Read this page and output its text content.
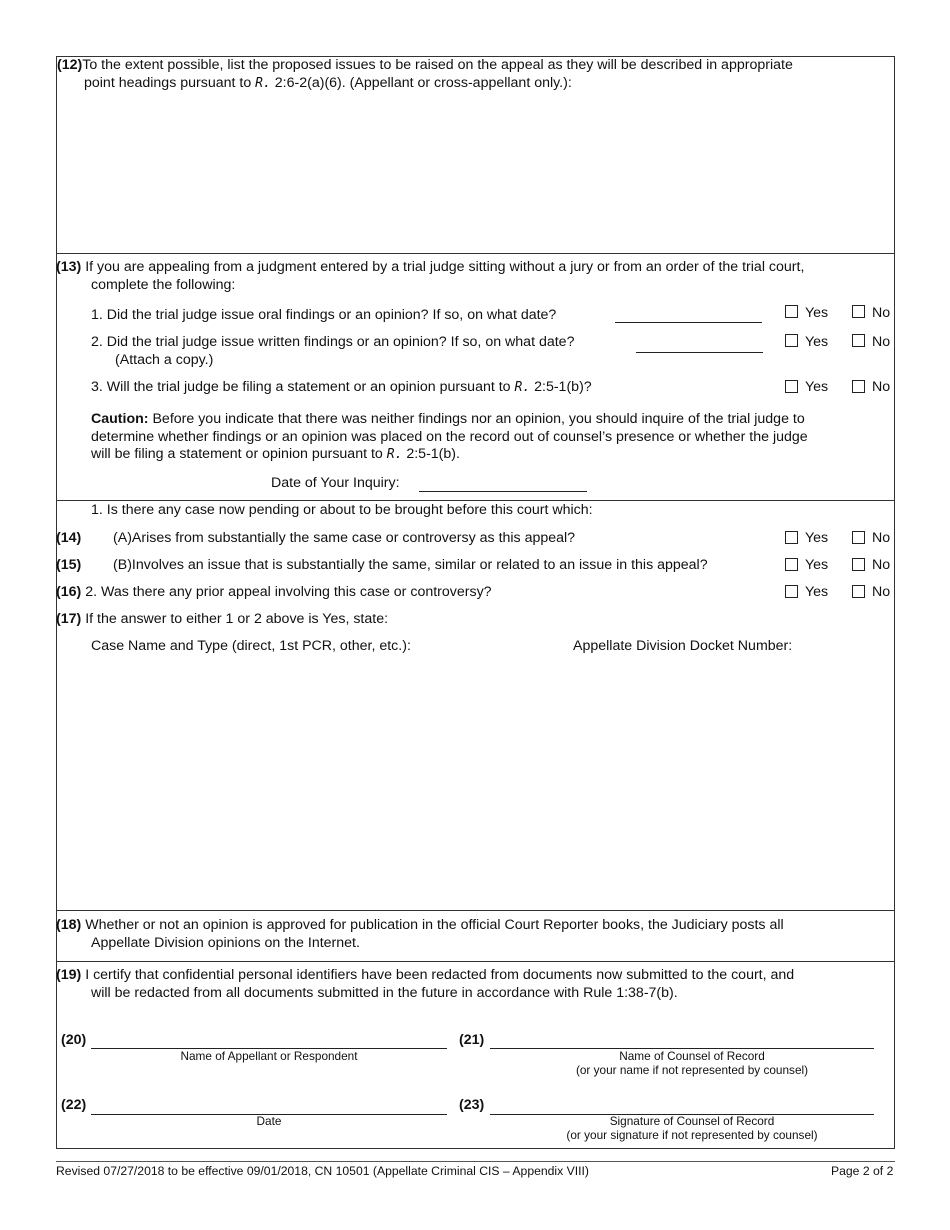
(12)To the extent possible, list the proposed issues to be raised on the appeal as they will be described in appropriate
point headings pursuant to R. 2:6-2(a)(6). (Appellant or cross-appellant only.):
(13) If you are appealing from a judgment entered by a trial judge sitting without a jury or from an order of the trial court,
complete the following:
1. Did the trial judge issue oral findings or an opinion? If so, on what date?	Yes	No
2. Did the trial judge issue written findings or an opinion? If so, on what date?
(Attach a copy.)
Yes	No
3. Will the trial judge be filing a statement or an opinion pursuant to R. 2:5-1(b)?	Yes	No
Caution: Before you indicate that there was neither findings nor an opinion, you should inquire of the trial judge to
determine whether findings or an opinion was placed on the record out of counsel’s presence or whether the judge
will be filing a statement or opinion pursuant to R. 2:5-1(b).
Date of Your Inquiry:
1. Is there any case now pending or about to be brought before this court which:
(14) (A)Arises from substantially the same case or controversy as this appeal?	Yes	No
(15) (B)Involves an issue that is substantially the same, similar or related to an issue in this appeal?	Yes	No
(16) 2. Was there any prior appeal involving this case or controversy?	Yes	No
(17) If the answer to either 1 or 2 above is Yes, state:
Case Name and Type (direct, 1st PCR, other, etc.):	Appellate Division Docket Number:
(18) Whether or not an opinion is approved for publication in the official Court Reporter books, the Judiciary posts all
Appellate Division opinions on the Internet.
(19) I certify that confidential personal identifiers have been redacted from documents now submitted to the court, and
will be redacted from all documents submitted in the future in accordance with Rule 1:38-7(b).
(20)
Name of Appellant or Respondent
(21)
Name of Counsel of Record
(or your name if not represented by counsel)
(22)
Date
(23)
Signature of Counsel of Record
(or your signature if not represented by counsel)
Revised 07/27/2018 to be effective 09/01/2018, CN 10501 (Appellate Criminal CIS – Appendix VIII)	Page 2 of 2
